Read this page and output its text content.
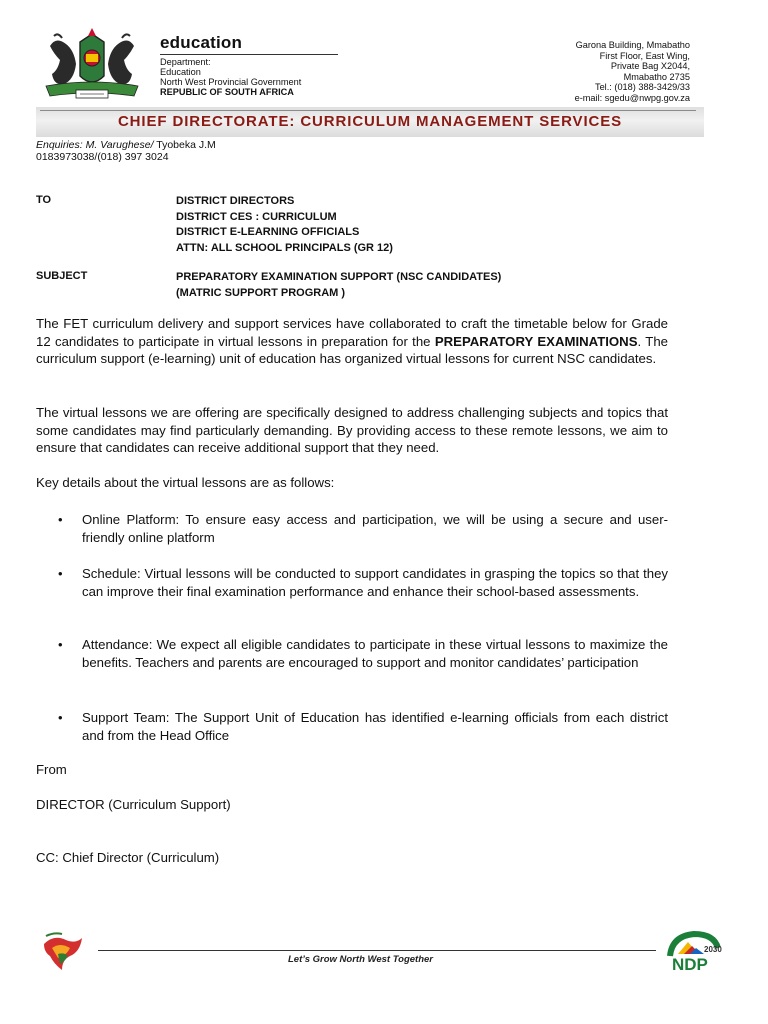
education
Department:
Education
North West Provincial Government
REPUBLIC OF SOUTH AFRICA
Garona Building, Mmabatho
First Floor, East Wing,
Private Bag X2044,
Mmabatho 2735
Tel.: (018) 388-3429/33
e-mail: sgedu@nwpg.gov.za
CHIEF DIRECTORATE: CURRICULUM MANAGEMENT SERVICES
Enquiries: M. Varughese/ Tyobeka J.M
0183973038/(018) 397 3024
TO	DISTRICT DIRECTORS
DISTRICT CES : CURRICULUM
DISTRICT E-LEARNING OFFICIALS
ATTN: ALL SCHOOL PRINCIPALS (GR 12)
SUBJECT	PREPARATORY EXAMINATION SUPPORT (NSC CANDIDATES)
(MATRIC SUPPORT PROGRAM )
The FET curriculum delivery and support services have collaborated to craft the timetable below for Grade 12 candidates to participate in virtual lessons in preparation for the PREPARATORY EXAMINATIONS. The curriculum support (e-learning) unit of education has organized virtual lessons for current NSC candidates.
The virtual lessons we are offering are specifically designed to address challenging subjects and topics that some candidates may find particularly demanding. By providing access to these remote lessons, we aim to ensure that candidates can receive additional support that they need.
Key details about the virtual lessons are as follows:
• Online Platform: To ensure easy access and participation, we will be using a secure and user-friendly online platform
• Schedule: Virtual lessons will be conducted to support candidates in grasping the topics so that they can improve their final examination performance and enhance their school-based assessments.
• Attendance: We expect all eligible candidates to participate in these virtual lessons to maximize the benefits. Teachers and parents are encouraged to support and monitor candidates’ participation
• Support Team: The Support Unit of Education has identified e-learning officials from each district and from the Head Office
From
DIRECTOR (Curriculum Support)
CC: Chief Director (Curriculum)
Let’s Grow North West Together
2030
NDP
